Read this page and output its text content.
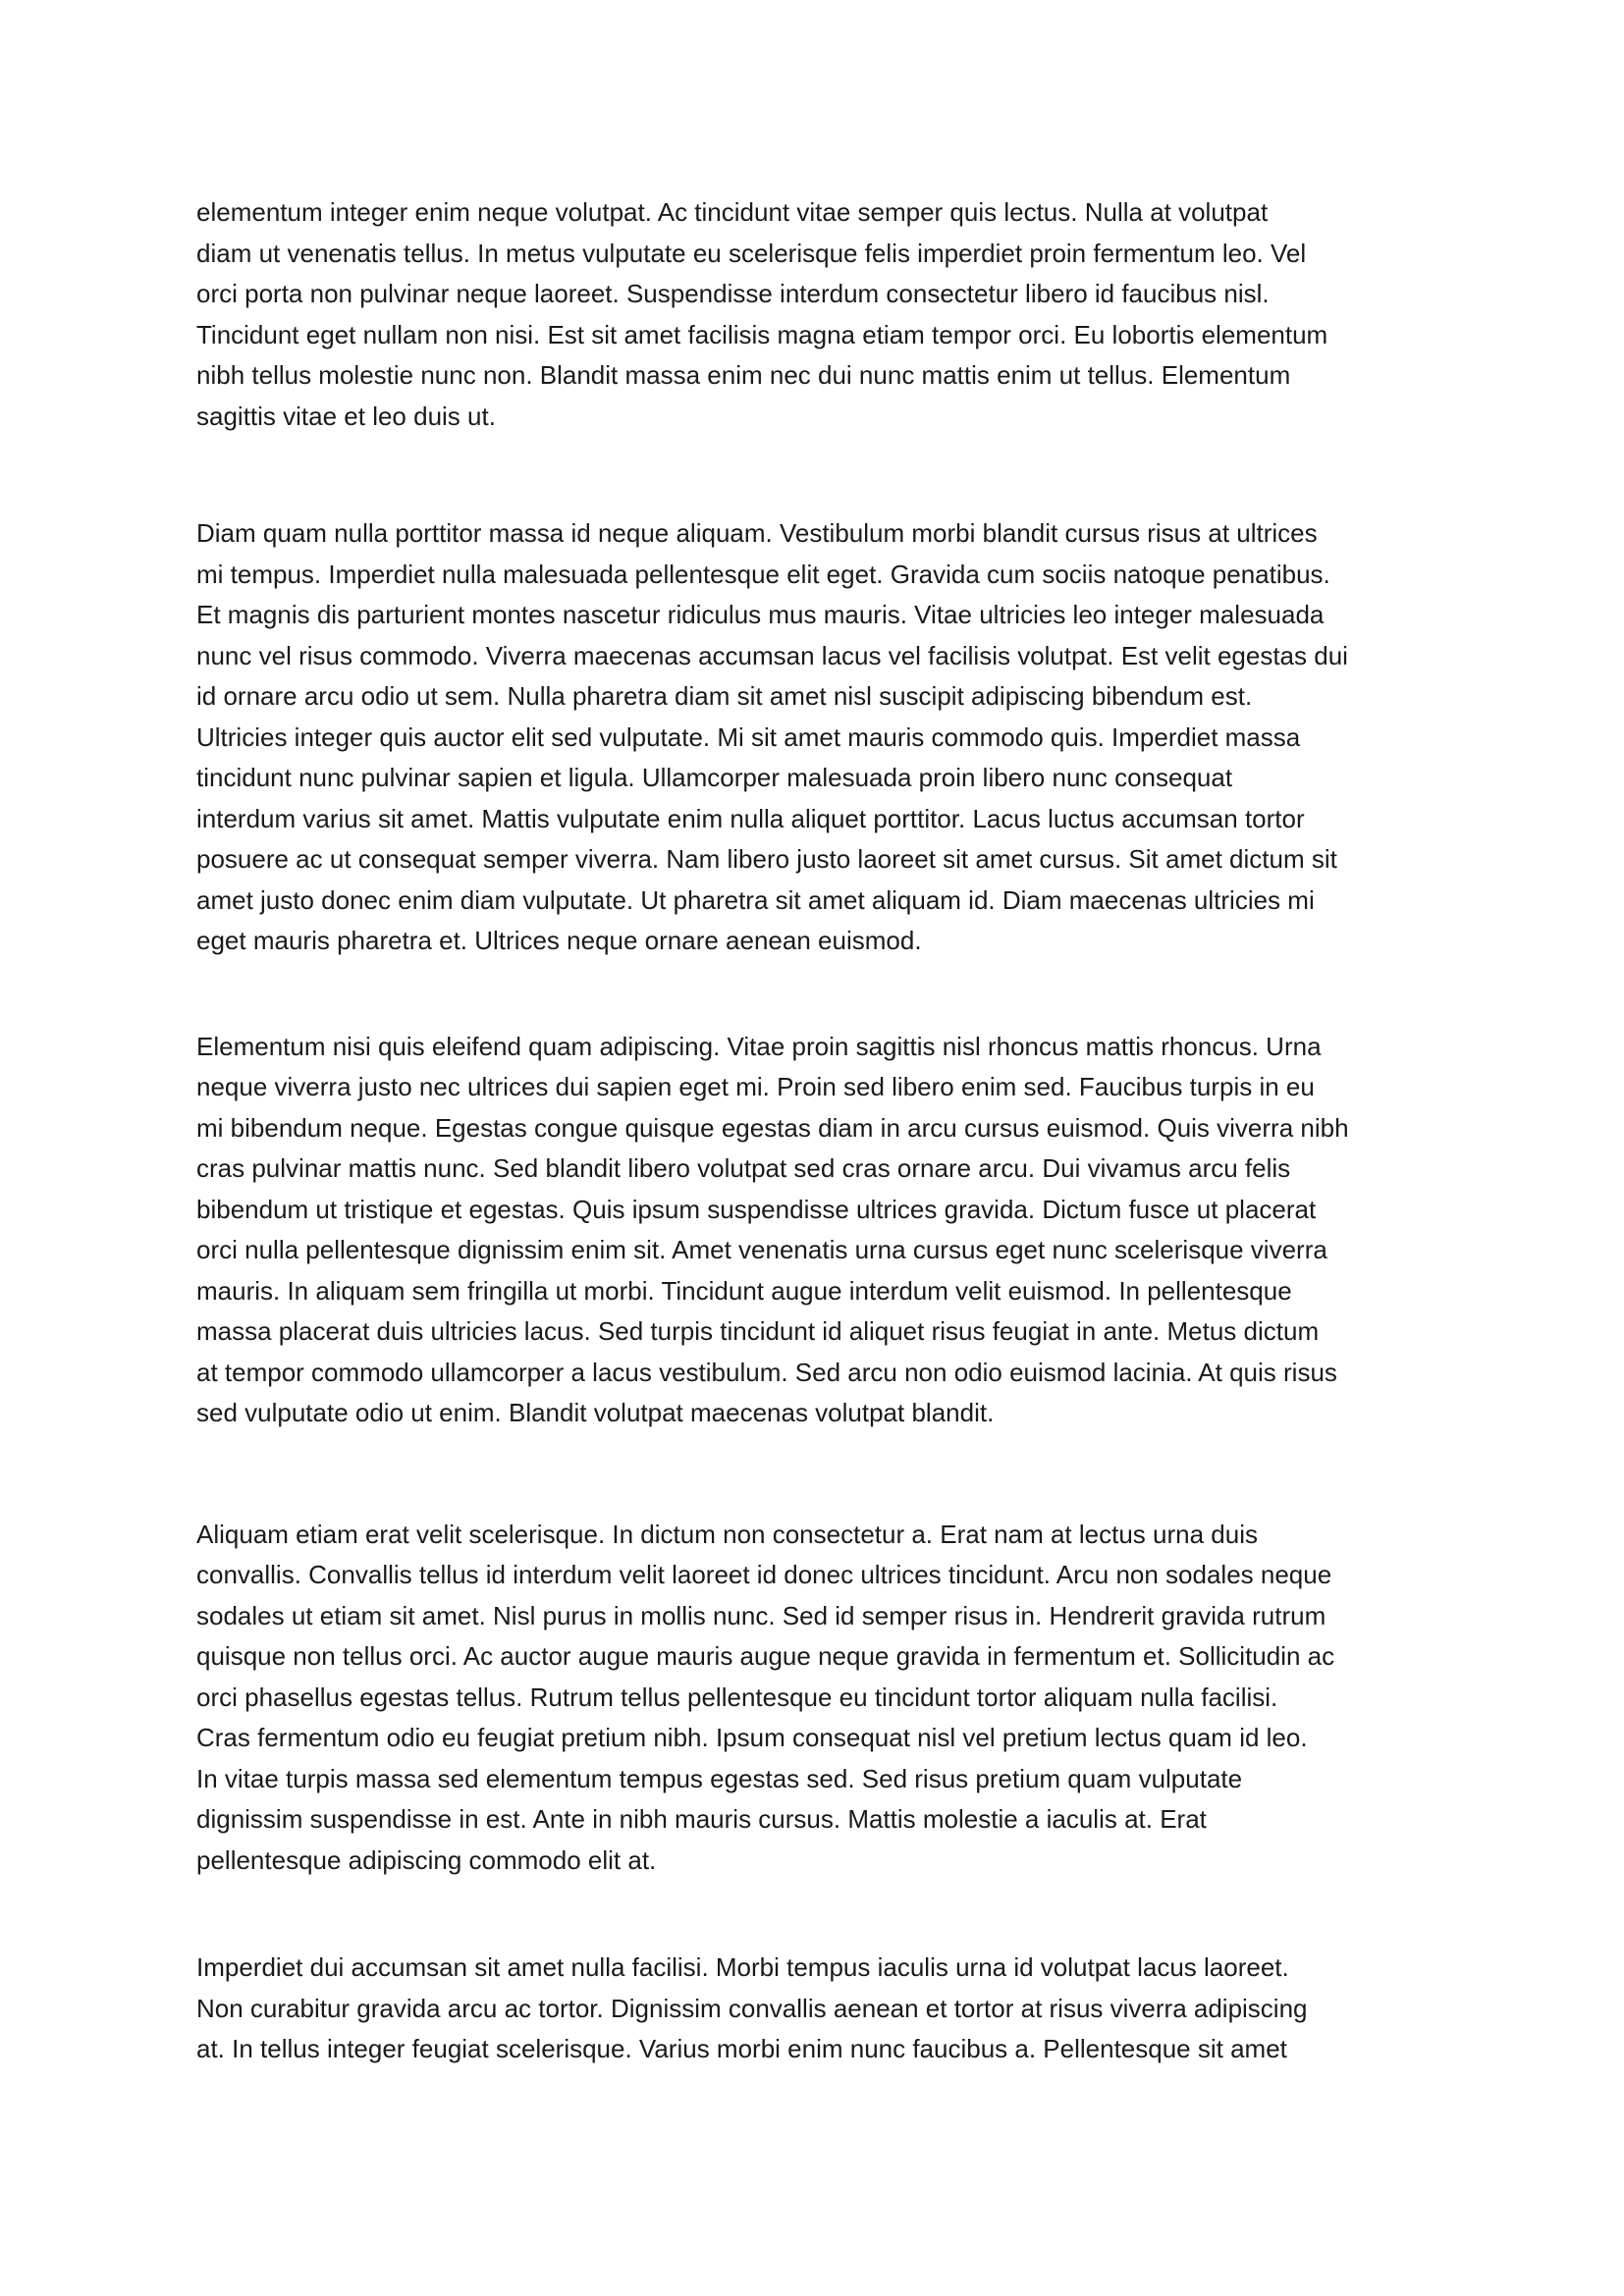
elementum integer enim neque volutpat. Ac tincidunt vitae semper quis lectus. Nulla at volutpat
diam ut venenatis tellus. In metus vulputate eu scelerisque felis imperdiet proin fermentum leo. Vel
orci porta non pulvinar neque laoreet. Suspendisse interdum consectetur libero id faucibus nisl.
Tincidunt eget nullam non nisi. Est sit amet facilisis magna etiam tempor orci. Eu lobortis elementum
nibh tellus molestie nunc non. Blandit massa enim nec dui nunc mattis enim ut tellus. Elementum
sagittis vitae et leo duis ut.

Diam quam nulla porttitor massa id neque aliquam. Vestibulum morbi blandit cursus risus at ultrices
mi tempus. Imperdiet nulla malesuada pellentesque elit eget. Gravida cum sociis natoque penatibus.
Et magnis dis parturient montes nascetur ridiculus mus mauris. Vitae ultricies leo integer malesuada
nunc vel risus commodo. Viverra maecenas accumsan lacus vel facilisis volutpat. Est velit egestas dui
id ornare arcu odio ut sem. Nulla pharetra diam sit amet nisl suscipit adipiscing bibendum est.
Ultricies integer quis auctor elit sed vulputate. Mi sit amet mauris commodo quis. Imperdiet massa
tincidunt nunc pulvinar sapien et ligula. Ullamcorper malesuada proin libero nunc consequat
interdum varius sit amet. Mattis vulputate enim nulla aliquet porttitor. Lacus luctus accumsan tortor
posuere ac ut consequat semper viverra. Nam libero justo laoreet sit amet cursus. Sit amet dictum sit
amet justo donec enim diam vulputate. Ut pharetra sit amet aliquam id. Diam maecenas ultricies mi
eget mauris pharetra et. Ultrices neque ornare aenean euismod.

Elementum nisi quis eleifend quam adipiscing. Vitae proin sagittis nisl rhoncus mattis rhoncus. Urna
neque viverra justo nec ultrices dui sapien eget mi. Proin sed libero enim sed. Faucibus turpis in eu
mi bibendum neque. Egestas congue quisque egestas diam in arcu cursus euismod. Quis viverra nibh
cras pulvinar mattis nunc. Sed blandit libero volutpat sed cras ornare arcu. Dui vivamus arcu felis
bibendum ut tristique et egestas. Quis ipsum suspendisse ultrices gravida. Dictum fusce ut placerat
orci nulla pellentesque dignissim enim sit. Amet venenatis urna cursus eget nunc scelerisque viverra
mauris. In aliquam sem fringilla ut morbi. Tincidunt augue interdum velit euismod. In pellentesque
massa placerat duis ultricies lacus. Sed turpis tincidunt id aliquet risus feugiat in ante. Metus dictum
at tempor commodo ullamcorper a lacus vestibulum. Sed arcu non odio euismod lacinia. At quis risus
sed vulputate odio ut enim. Blandit volutpat maecenas volutpat blandit.

Aliquam etiam erat velit scelerisque. In dictum non consectetur a. Erat nam at lectus urna duis
convallis. Convallis tellus id interdum velit laoreet id donec ultrices tincidunt. Arcu non sodales neque
sodales ut etiam sit amet. Nisl purus in mollis nunc. Sed id semper risus in. Hendrerit gravida rutrum
quisque non tellus orci. Ac auctor augue mauris augue neque gravida in fermentum et. Sollicitudin ac
orci phasellus egestas tellus. Rutrum tellus pellentesque eu tincidunt tortor aliquam nulla facilisi.
Cras fermentum odio eu feugiat pretium nibh. Ipsum consequat nisl vel pretium lectus quam id leo.
In vitae turpis massa sed elementum tempus egestas sed. Sed risus pretium quam vulputate
dignissim suspendisse in est. Ante in nibh mauris cursus. Mattis molestie a iaculis at. Erat
pellentesque adipiscing commodo elit at.

Imperdiet dui accumsan sit amet nulla facilisi. Morbi tempus iaculis urna id volutpat lacus laoreet.
Non curabitur gravida arcu ac tortor. Dignissim convallis aenean et tortor at risus viverra adipiscing
at. In tellus integer feugiat scelerisque. Varius morbi enim nunc faucibus a. Pellentesque sit amet
